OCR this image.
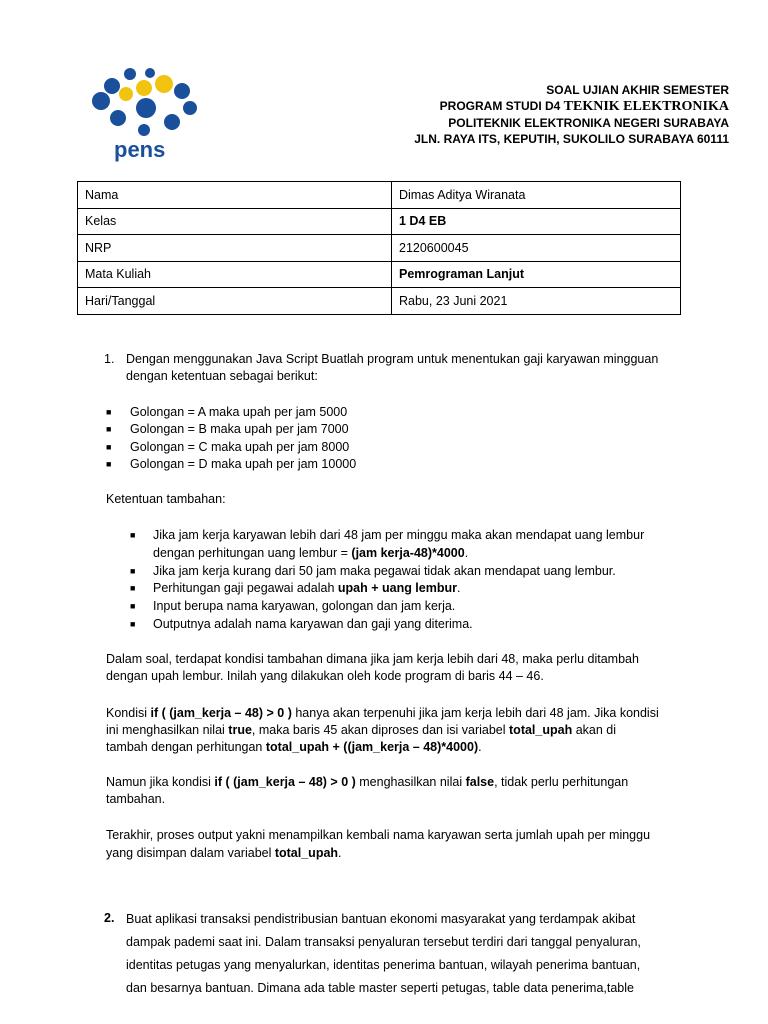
pens
SOAL UJIAN AKHIR SEMESTER
PROGRAM STUDI D4 TEKNIK ELEKTRONIKA
POLITEKNIK ELEKTRONIKA NEGERI SURABAYA
JLN. RAYA ITS, KEPUTIH, SUKOLILO SURABAYA 60111
Nama	Dimas Aditya Wiranata
Kelas	1 D4 EB
NRP	2120600045
Mata Kuliah	Pemrograman Lanjut
Hari/Tanggal	Rabu, 23 Juni 2021
1. Dengan menggunakan Java Script Buatlah program untuk menentukan gaji karyawan mingguan
dengan ketentuan sebagai berikut:
■ Golongan = A maka upah per jam 5000
■ Golongan = B maka upah per jam 7000
■ Golongan = C maka upah per jam 8000
■ Golongan = D maka upah per jam 10000
Ketentuan tambahan:
■ Jika jam kerja karyawan lebih dari 48 jam per minggu maka akan mendapat uang lembur
dengan perhitungan uang lembur = (jam kerja-48)*4000.
■ Jika jam kerja kurang dari 50 jam maka pegawai tidak akan mendapat uang lembur.
■ Perhitungan gaji pegawai adalah upah + uang lembur.
■ Input berupa nama karyawan, golongan dan jam kerja.
■ Outputnya adalah nama karyawan dan gaji yang diterima.
Dalam soal, terdapat kondisi tambahan dimana jika jam kerja lebih dari 48, maka perlu ditambah
dengan upah lembur. Inilah yang dilakukan oleh kode program di baris 44 – 46.
Kondisi if ( (jam_kerja – 48) > 0 ) hanya akan terpenuhi jika jam kerja lebih dari 48 jam. Jika kondisi
ini menghasilkan nilai true, maka baris 45 akan diproses dan isi variabel total_upah akan di
tambah dengan perhitungan total_upah + ((jam_kerja – 48)*4000).
Namun jika kondisi if ( (jam_kerja – 48) > 0 ) menghasilkan nilai false, tidak perlu perhitungan
tambahan.
Terakhir, proses output yakni menampilkan kembali nama karyawan serta jumlah upah per minggu
yang disimpan dalam variabel total_upah.
2. Buat aplikasi transaksi pendistribusian bantuan ekonomi masyarakat yang terdampak akibat
dampak pademi saat ini. Dalam transaksi penyaluran tersebut terdiri dari tanggal penyaluran,
identitas petugas yang menyalurkan, identitas penerima bantuan, wilayah penerima bantuan,
dan besarnya bantuan. Dimana ada table master seperti petugas, table data penerima,table
